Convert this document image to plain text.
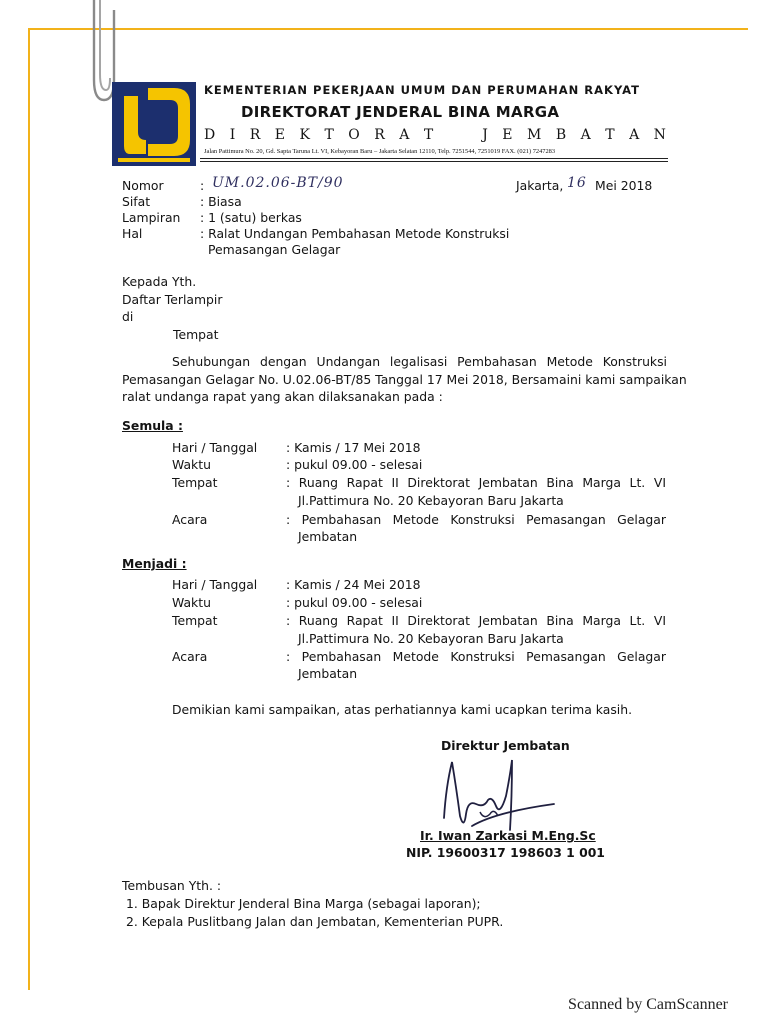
KEMENTERIAN PEKERJAAN UMUM DAN PERUMAHAN RAKYAT
DIREKTORAT JENDERAL BINA MARGA
D I R E K T O R A T	J E M B A T A N
Jalan Pattimura No. 20, Gd. Sapta Taruna Lt. VI, Kebayoran Baru – Jakarta Selatan 12110, Telp. 7251544, 7251019 FAX. (021) 7247283
Nomor	: UM.02.06-BT/90	Jakarta, 16 Mei 2018
Sifat	: Biasa
Lampiran : 1 (satu) berkas
Hal	: Ralat Undangan Pembahasan Metode Konstruksi
Pemasangan Gelagar
Kepada Yth.
Daftar Terlampir
di
Tempat
Sehubungan dengan Undangan legalisasi Pembahasan Metode Konstruksi
Pemasangan Gelagar No. U.02.06-BT/85 Tanggal 17 Mei 2018, Bersamaini kami sampaikan
ralat undanga rapat yang akan dilaksanakan pada :
Semula :
Hari / Tanggal : Kamis / 17 Mei 2018
Waktu	: pukul 09.00 - selesai
Tempat	: Ruang Rapat II Direktorat Jembatan Bina Marga Lt. VI
Jl.Pattimura No. 20 Kebayoran Baru Jakarta
Acara	: Pembahasan Metode Konstruksi Pemasangan Gelagar
Jembatan
Menjadi :
Hari / Tanggal : Kamis / 24 Mei 2018
Waktu	: pukul 09.00 - selesai
Tempat	: Ruang Rapat II Direktorat Jembatan Bina Marga Lt. VI
Jl.Pattimura No. 20 Kebayoran Baru Jakarta
Acara	: Pembahasan Metode Konstruksi Pemasangan Gelagar
Jembatan
Demikian kami sampaikan, atas perhatiannya kami ucapkan terima kasih.
Direktur Jembatan
Ir. Iwan Zarkasi M.Eng.Sc
NIP. 19600317 198603 1 001
Tembusan Yth. :
1. Bapak Direktur Jenderal Bina Marga (sebagai laporan);
2. Kepala Puslitbang Jalan dan Jembatan, Kementerian PUPR.
Scanned by CamScanner
